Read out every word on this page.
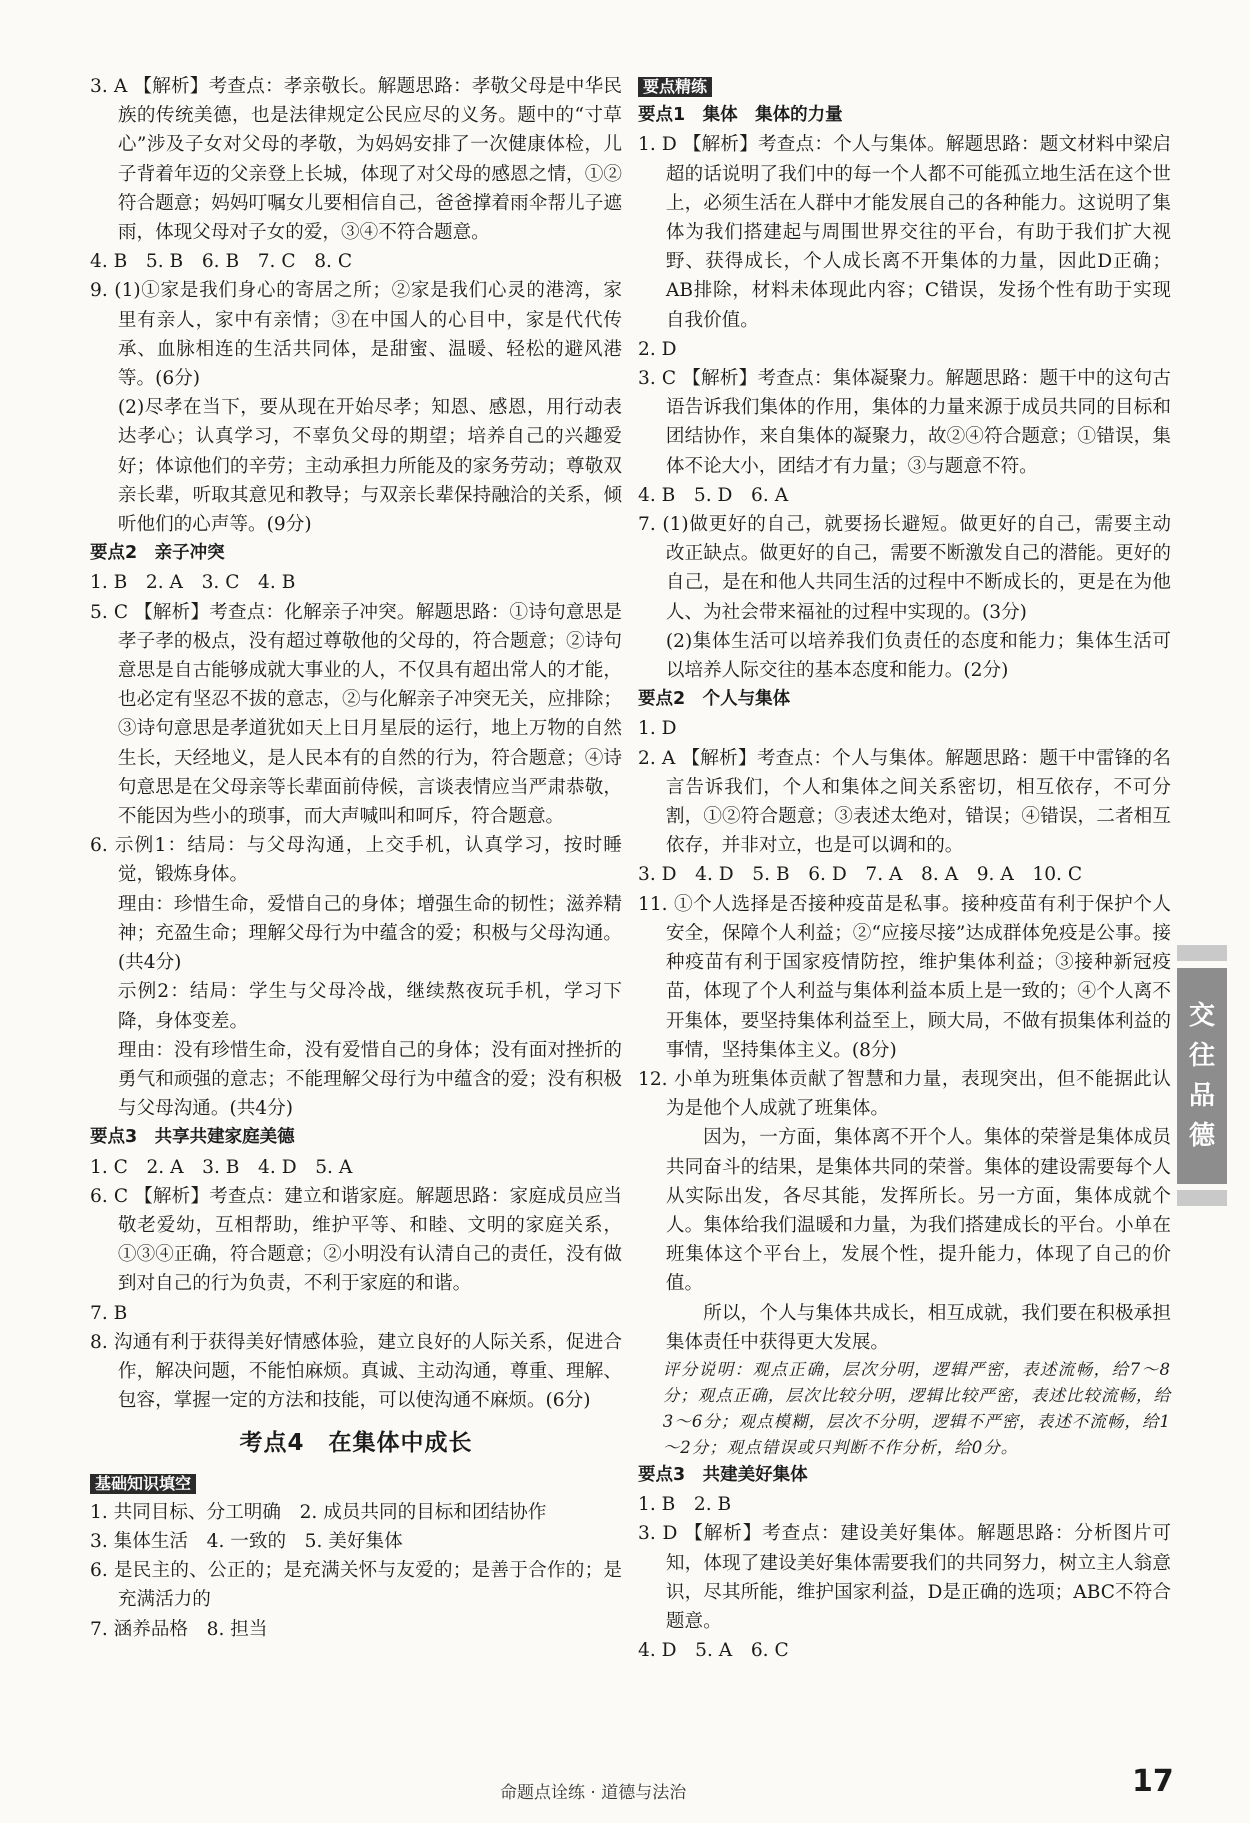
3. A 【解析】考查点：孝亲敬长。解题思路：孝敬父母是中华民族的传统美德，也是法律规定公民应尽的义务。题中的“寸草心”涉及子女对父母的孝敬，为妈妈安排了一次健康体检，儿子背着年迈的父亲登上长城，体现了对父母的感恩之情，①②符合题意；妈妈叮嘱女儿要相信自己，爸爸撑着雨伞帮儿子遮雨，体现父母对子女的爱，③④不符合题意。

4. B　5. B　6. B　7. C　8. C

9. (1)①家是我们身心的寄居之所；②家是我们心灵的港湾，家里有亲人，家中有亲情；③在中国人的心目中，家是代代传承、血脉相连的生活共同体，是甜蜜、温暖、轻松的避风港等。(6分)

(2)尽孝在当下，要从现在开始尽孝；知恩、感恩，用行动表达孝心；认真学习，不辜负父母的期望；培养自己的兴趣爱好；体谅他们的辛劳；主动承担力所能及的家务劳动；尊敬双亲长辈，听取其意见和教导；与双亲长辈保持融洽的关系，倾听他们的心声等。(9分)

要点2　亲子冲突

1. B　2. A　3. C　4. B

5. C 【解析】考查点：化解亲子冲突。解题思路：①诗句意思是孝子孝的极点，没有超过尊敬他的父母的，符合题意；②诗句意思是自古能够成就大事业的人，不仅具有超出常人的才能，也必定有坚忍不拔的意志，②与化解亲子冲突无关，应排除；③诗句意思是孝道犹如天上日月星辰的运行，地上万物的自然生长，天经地义，是人民本有的自然的行为，符合题意；④诗句意思是在父母亲等长辈面前侍候，言谈表情应当严肃恭敬，不能因为些小的琐事，而大声喊叫和呵斥，符合题意。

6. 示例1：结局：与父母沟通，上交手机，认真学习，按时睡觉，锻炼身体。

理由：珍惜生命，爱惜自己的身体；增强生命的韧性；滋养精神；充盈生命；理解父母行为中蕴含的爱；积极与父母沟通。(共4分)

示例2：结局：学生与父母冷战，继续熬夜玩手机，学习下降，身体变差。

理由：没有珍惜生命，没有爱惜自己的身体；没有面对挫折的勇气和顽强的意志；不能理解父母行为中蕴含的爱；没有积极与父母沟通。(共4分)

要点3　共享共建家庭美德

1. C　2. A　3. B　4. D　5. A

6. C 【解析】考查点：建立和谐家庭。解题思路：家庭成员应当敬老爱幼，互相帮助，维护平等、和睦、文明的家庭关系，①③④正确，符合题意；②小明没有认清自己的责任，没有做到对自己的行为负责，不利于家庭的和谐。

7. B

8. 沟通有利于获得美好情感体验，建立良好的人际关系，促进合作，解决问题，不能怕麻烦。真诚、主动沟通，尊重、理解、包容，掌握一定的方法和技能，可以使沟通不麻烦。(6分)

考点4　在集体中成长
基础知识填空

1. 共同目标、分工明确　2. 成员共同的目标和团结协作

3. 集体生活　4. 一致的　5. 美好集体

6. 是民主的、公正的；是充满关怀与友爱的；是善于合作的；是充满活力的

7. 涵养品格　8. 担当

要点精练

要点1　集体　集体的力量

1. D 【解析】考查点：个人与集体。解题思路：题文材料中梁启超的话说明了我们中的每一个人都不可能孤立地生活在这个世上，必须生活在人群中才能发展自己的各种能力。这说明了集体为我们搭建起与周围世界交往的平台，有助于我们扩大视野、获得成长，个人成长离不开集体的力量，因此D正确；AB排除，材料未体现此内容；C错误，发扬个性有助于实现自我价值。

2. D

3. C 【解析】考查点：集体凝聚力。解题思路：题干中的这句古语告诉我们集体的作用，集体的力量来源于成员共同的目标和团结协作，来自集体的凝聚力，故②④符合题意；①错误，集体不论大小，团结才有力量；③与题意不符。

4. B　5. D　6. A

7. (1)做更好的自己，就要扬长避短。做更好的自己，需要主动改正缺点。做更好的自己，需要不断激发自己的潜能。更好的自己，是在和他人共同生活的过程中不断成长的，更是在为他人、为社会带来福祉的过程中实现的。(3分)

(2)集体生活可以培养我们负责任的态度和能力；集体生活可以培养人际交往的基本态度和能力。(2分)

要点2　个人与集体

1. D

2. A 【解析】考查点：个人与集体。解题思路：题干中雷锋的名言告诉我们，个人和集体之间关系密切，相互依存，不可分割，①②符合题意；③表述太绝对，错误；④错误，二者相互依存，并非对立，也是可以调和的。

3. D　4. D　5. B　6. D　7. A　8. A　9. A　10. C

11. ①个人选择是否接种疫苗是私事。接种疫苗有利于保护个人安全，保障个人利益；②“应接尽接”达成群体免疫是公事。接种疫苗有利于国家疫情防控，维护集体利益；③接种新冠疫苗，体现了个人利益与集体利益本质上是一致的；④个人离不开集体，要坚持集体利益至上，顾大局，不做有损集体利益的事情，坚持集体主义。(8分)

12. 小单为班集体贡献了智慧和力量，表现突出，但不能据此认为是他个人成就了班集体。

因为，一方面，集体离不开个人。集体的荣誉是集体成员共同奋斗的结果，是集体共同的荣誉。集体的建设需要每个人从实际出发，各尽其能，发挥所长。另一方面，集体成就个人。集体给我们温暖和力量，为我们搭建成长的平台。小单在班集体这个平台上，发展个性，提升能力，体现了自己的价值。

所以，个人与集体共成长，相互成就，我们要在积极承担集体责任中获得更大发展。

评分说明：观点正确，层次分明，逻辑严密，表述流畅，给7～8分；观点正确，层次比较分明，逻辑比较严密，表述比较流畅，给3～6分；观点模糊，层次不分明，逻辑不严密，表述不流畅，给1～2分；观点错误或只判断不作分析，给0分。

要点3　共建美好集体

1. B　2. B

3. D 【解析】考查点：建设美好集体。解题思路：分析图片可知，体现了建设美好集体需要我们的共同努力，树立主人翁意识，尽其所能，维护国家利益，D是正确的选项；ABC不符合题意。

4. D　5. A　6. C

交
往
品
德
命题点诠练 · 道德与法治	17
